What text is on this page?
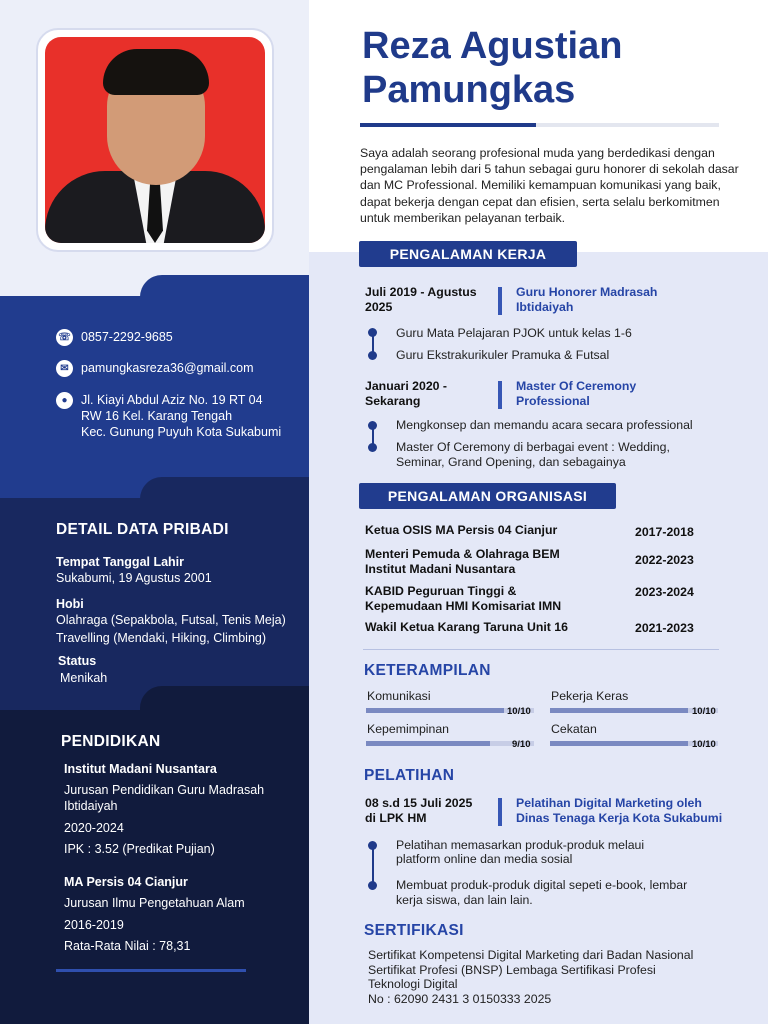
☏ 0857-2292-9685
✉ pamungkasreza36@gmail.com
●	Jl. Kiayi Abdul Aziz No. 19 RT 04
RW 16 Kel. Karang Tengah
Kec. Gunung Puyuh Kota Sukabumi
DETAIL DATA PRIBADI
Tempat Tanggal Lahir
Sukabumi, 19 Agustus 2001
Hobi
Olahraga (Sepakbola, Futsal, Tenis Meja)
Travelling (Mendaki, Hiking, Climbing)
Status
Menikah
PENDIDIKAN
Institut Madani Nusantara
Jurusan Pendidikan Guru Madrasah
Ibtidaiyah
2020-2024
IPK : 3.52 (Predikat Pujian)
MA Persis 04 Cianjur
Jurusan Ilmu Pengetahuan Alam
2016-2019
Rata-Rata Nilai : 78,31
Reza Agustian
Pamungkas
Saya adalah seorang profesional muda yang berdedikasi dengan pengalaman lebih dari 5 tahun sebagai guru honorer di sekolah dasar dan MC Professional. Memiliki kemampuan komunikasi yang baik, dapat bekerja dengan cepat dan efisien, serta selalu berkomitmen untuk memberikan pelayanan terbaik.
PENGALAMAN KERJA
Juli 2019 - Agustus
2025
Guru Honorer Madrasah
Ibtidaiyah
Guru Mata Pelajaran PJOK untuk kelas 1-6
Guru Ekstrakurikuler Pramuka & Futsal
Januari 2020 -
Sekarang
Master Of Ceremony
Professional
Mengkonsep dan memandu acara secara professional
Master Of Ceremony di berbagai event : Wedding,
Seminar, Grand Opening, dan sebagainya
PENGALAMAN ORGANISASI
Ketua OSIS MA Persis 04 Cianjur	2017-2018
Menteri Pemuda & Olahraga BEM
Institut Madani Nusantara
2022-2023
KABID Peguruan Tinggi &
Kepemudaan HMI Komisariat IMN
2023-2024
Wakil Ketua Karang Taruna Unit 16	2021-2023
KETERAMPILAN
Komunikasi
10/10
Pekerja Keras
10/10
Kepemimpinan
9/10
Cekatan
10/10
PELATIHAN
08 s.d 15 Juli 2025
di LPK HM
Pelatihan Digital Marketing oleh
Dinas Tenaga Kerja Kota Sukabumi
Pelatihan memasarkan produk-produk melaui
platform online dan media sosial
Membuat produk-produk digital sepeti e-book, lembar
kerja siswa, dan lain lain.
SERTIFIKASI
Sertifikat Kompetensi Digital Marketing dari Badan Nasional
Sertifikat Profesi (BNSP) Lembaga Sertifikasi Profesi
Teknologi Digital
No : 62090 2431 3 0150333 2025
